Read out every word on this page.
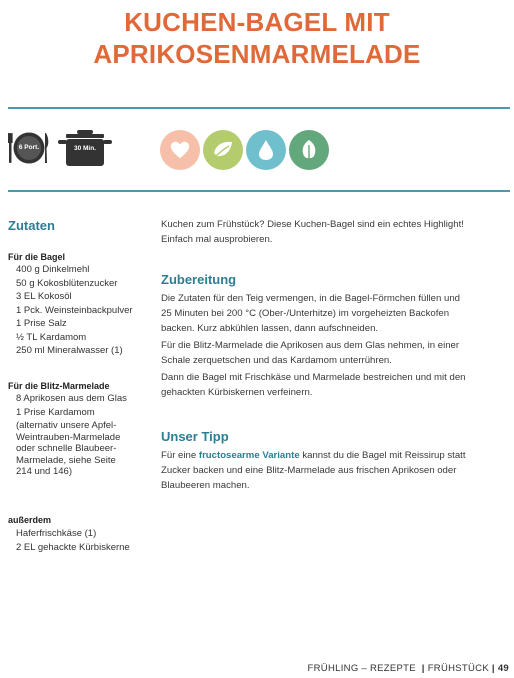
KUCHEN-BAGEL MIT
APRIKOSENMARMELADE
6 Port.	30 Min.
Zutaten
Für die Bagel
400 g Dinkelmehl
50 g Kokosblütenzucker
3 EL Kokosöl
1 Pck. Weinsteinbackpulver
1 Prise Salz
½ TL Kardamom
250 ml Mineralwasser (1)
Für die Blitz-Marmelade
8 Aprikosen aus dem Glas
1 Prise Kardamom
(alternativ unsere Apfel-
Weintrauben-Marmelade
oder schnelle Blaubeer-
Marmelade, siehe Seite
214 und 146)
außerdem
Haferfrischkäse (1)
2 EL gehackte Kürbiskerne
Kuchen zum Frühstück? Diese Kuchen-Bagel sind ein echtes Highlight!
Einfach mal ausprobieren.
Zubereitung
Die Zutaten für den Teig vermengen, in die Bagel-Förmchen füllen und
25 Minuten bei 200 °C (Ober-/Unterhitze) im vorgeheizten Backofen
backen. Kurz abkühlen lassen, dann aufschneiden.
Für die Blitz-Marmelade die Aprikosen aus dem Glas nehmen, in einer
Schale zerquetschen und das Kardamom unterrühren.
Dann die Bagel mit Frischkäse und Marmelade bestreichen und mit den
gehackten Kürbiskernen verfeinern.
Unser Tipp
Für eine fructosearme Variante kannst du die Bagel mit Reissirup statt
Zucker backen und eine Blitz-Marmelade aus frischen Aprikosen oder
Blaubeeren machen.
FRÜHLING – REZEPTE  | FRÜHSTÜCK | 49
